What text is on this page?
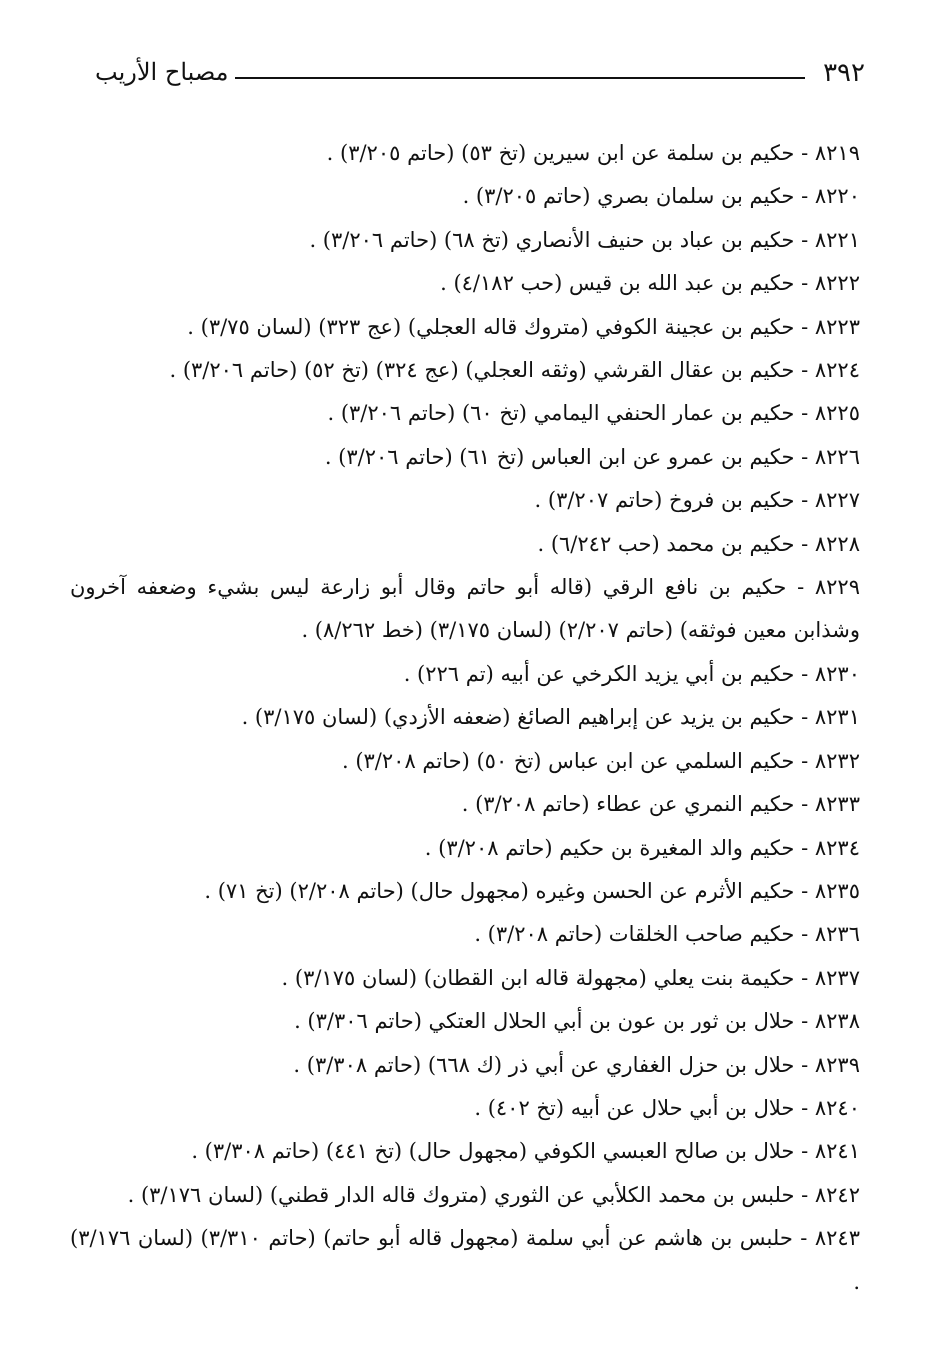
٣٩٢
مصباح الأريب
٨٢١٩ - حكيم بن سلمة عن ابن سيرين (تخ ٥٣) (حاتم ٣/٢٠٥) .
٨٢٢٠ - حكيم بن سلمان بصري (حاتم ٣/٢٠٥) .
٨٢٢١ - حكيم بن عباد بن حنيف الأنصاري (تخ ٦٨) (حاتم ٣/٢٠٦) .
٨٢٢٢ - حكيم بن عبد الله بن قيس (حب ٤/١٨٢) .
٨٢٢٣ - حكيم بن عجينة الكوفي (متروك قاله العجلي) (عج ٣٢٣) (لسان ٣/٧٥) .
٨٢٢٤ - حكيم بن عقال القرشي (وثقه العجلي) (عج ٣٢٤) (تخ ٥٢) (حاتم ٣/٢٠٦) .
٨٢٢٥ - حكيم بن عمار الحنفي اليمامي (تخ ٦٠) (حاتم ٣/٢٠٦) .
٨٢٢٦ - حكيم بن عمرو عن ابن العباس (تخ ٦١) (حاتم ٣/٢٠٦) .
٨٢٢٧ - حكيم بن فروخ (حاتم ٣/٢٠٧) .
٨٢٢٨ - حكيم بن محمد (حب ٦/٢٤٢) .
٨٢٢٩ - حكيم بن نافع الرقي (قاله أبو حاتم وقال أبو زارعة ليس بشيء وضعفه آخرون وشذابن معين فوثقه) (حاتم ٢/٢٠٧) (لسان ٣/١٧٥) (خط ٨/٢٦٢) .
٨٢٣٠ - حكيم بن أبي يزيد الكرخي عن أبيه (تم ٢٢٦) .
٨٢٣١ - حكيم بن يزيد عن إبراهيم الصائغ (ضعفه الأزدي) (لسان ٣/١٧٥) .
٨٢٣٢ - حكيم السلمي عن ابن عباس (تخ ٥٠) (حاتم ٣/٢٠٨) .
٨٢٣٣ - حكيم النمري عن عطاء (حاتم ٣/٢٠٨) .
٨٢٣٤ - حكيم والد المغيرة بن حكيم (حاتم ٣/٢٠٨) .
٨٢٣٥ - حكيم الأثرم عن الحسن وغيره (مجهول حال) (حاتم ٢/٢٠٨) (تخ ٧١) .
٨٢٣٦ - حكيم صاحب الخلقات (حاتم ٣/٢٠٨) .
٨٢٣٧ - حكيمة بنت يعلي (مجهولة قاله ابن القطان) (لسان ٣/١٧٥) .
٨٢٣٨ - حلال بن ثور بن عون بن أبي الحلال العتكي (حاتم ٣/٣٠٦) .
٨٢٣٩ - حلال بن حزل الغفاري عن أبي ذر (ك ٦٦٨) (حاتم ٣/٣٠٨) .
٨٢٤٠ - حلال بن أبي حلال عن أبيه (تخ ٤٠٢) .
٨٢٤١ - حلال بن صالح العبسي الكوفي (مجهول حال) (تخ ٤٤١) (حاتم ٣/٣٠٨) .
٨٢٤٢ - حلبس بن محمد الكلأبي عن الثوري (متروك قاله الدار قطني) (لسان ٣/١٧٦) .
٨٢٤٣ - حلبس بن هاشم عن أبي سلمة (مجهول قاله أبو حاتم) (حاتم ٣/٣١٠) (لسان ٣/١٧٦) .
